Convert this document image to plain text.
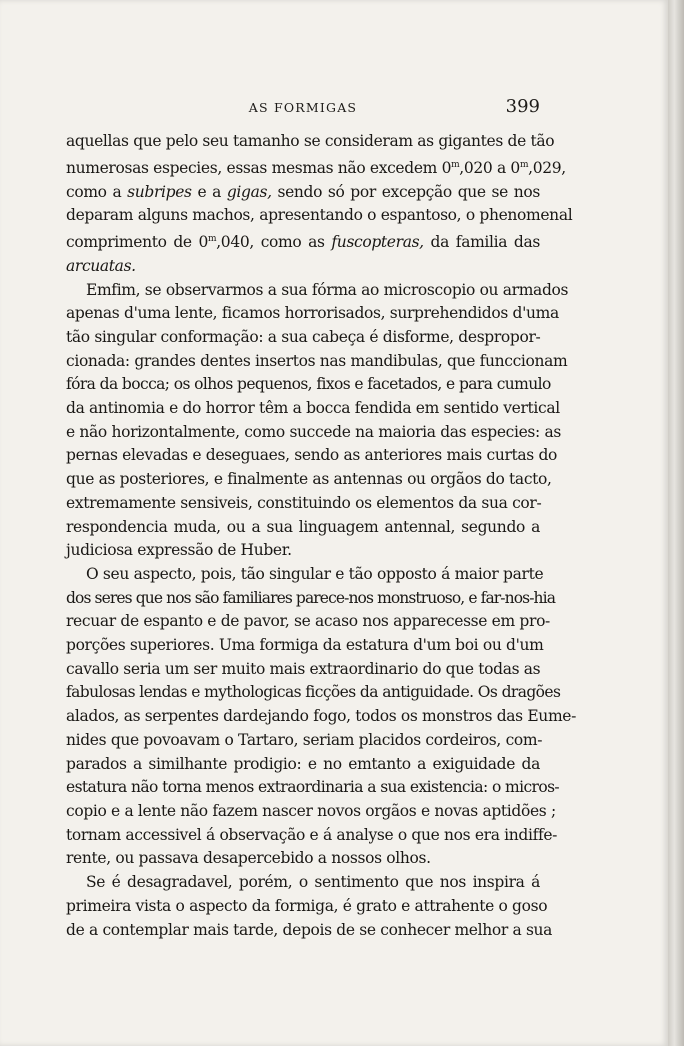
AS FORMIGAS	399
aquellas que pelo seu tamanho se consideram as gigantes de tão
numerosas especies, essas mesmas não excedem 0$^m$,020 a 0$^m$,029,
como a subripes e a gigas, sendo só por excepção que se nos
deparam alguns machos, apresentando o espantoso, o phenomenal
comprimento de 0$^m$,040, como as fuscopteras, da familia das
arcuatas.
Emfim, se observarmos a sua fórma ao microscopio ou armados
apenas d'uma lente, ficamos horrorisados, surprehendidos d'uma
tão singular conformação: a sua cabeça é disforme, despropor-
cionada: grandes dentes insertos nas mandibulas, que funccionam
fóra da bocca; os olhos pequenos, fixos e facetados, e para cumulo
da antinomia e do horror têm a bocca fendida em sentido vertical
e não horizontalmente, como succede na maioria das especies: as
pernas elevadas e deseguaes, sendo as anteriores mais curtas do
que as posteriores, e finalmente as antennas ou orgãos do tacto,
extremamente sensiveis, constituindo os elementos da sua cor-
respondencia muda, ou a sua linguagem antennal, segundo a
judiciosa expressão de Huber.
O seu aspecto, pois, tão singular e tão opposto á maior parte
dos seres que nos são familiares parece-nos monstruoso, e far-nos-hia
recuar de espanto e de pavor, se acaso nos apparecesse em pro-
porções superiores. Uma formiga da estatura d'um boi ou d'um
cavallo seria um ser muito mais extraordinario do que todas as
fabulosas lendas e mythologicas ficções da antiguidade. Os dragões
alados, as serpentes dardejando fogo, todos os monstros das Eume-
nides que povoavam o Tartaro, seriam placidos cordeiros, com-
parados a similhante prodigio: e no emtanto a exiguidade da
estatura não torna menos extraordinaria a sua existencia: o micros-
copio e a lente não fazem nascer novos orgãos e novas aptidões ;
tornam accessivel á observação e á analyse o que nos era indiffe-
rente, ou passava desapercebido a nossos olhos.
Se é desagradavel, porém, o sentimento que nos inspira á
primeira vista o aspecto da formiga, é grato e attrahente o goso
de a contemplar mais tarde, depois de se conhecer melhor a sua
